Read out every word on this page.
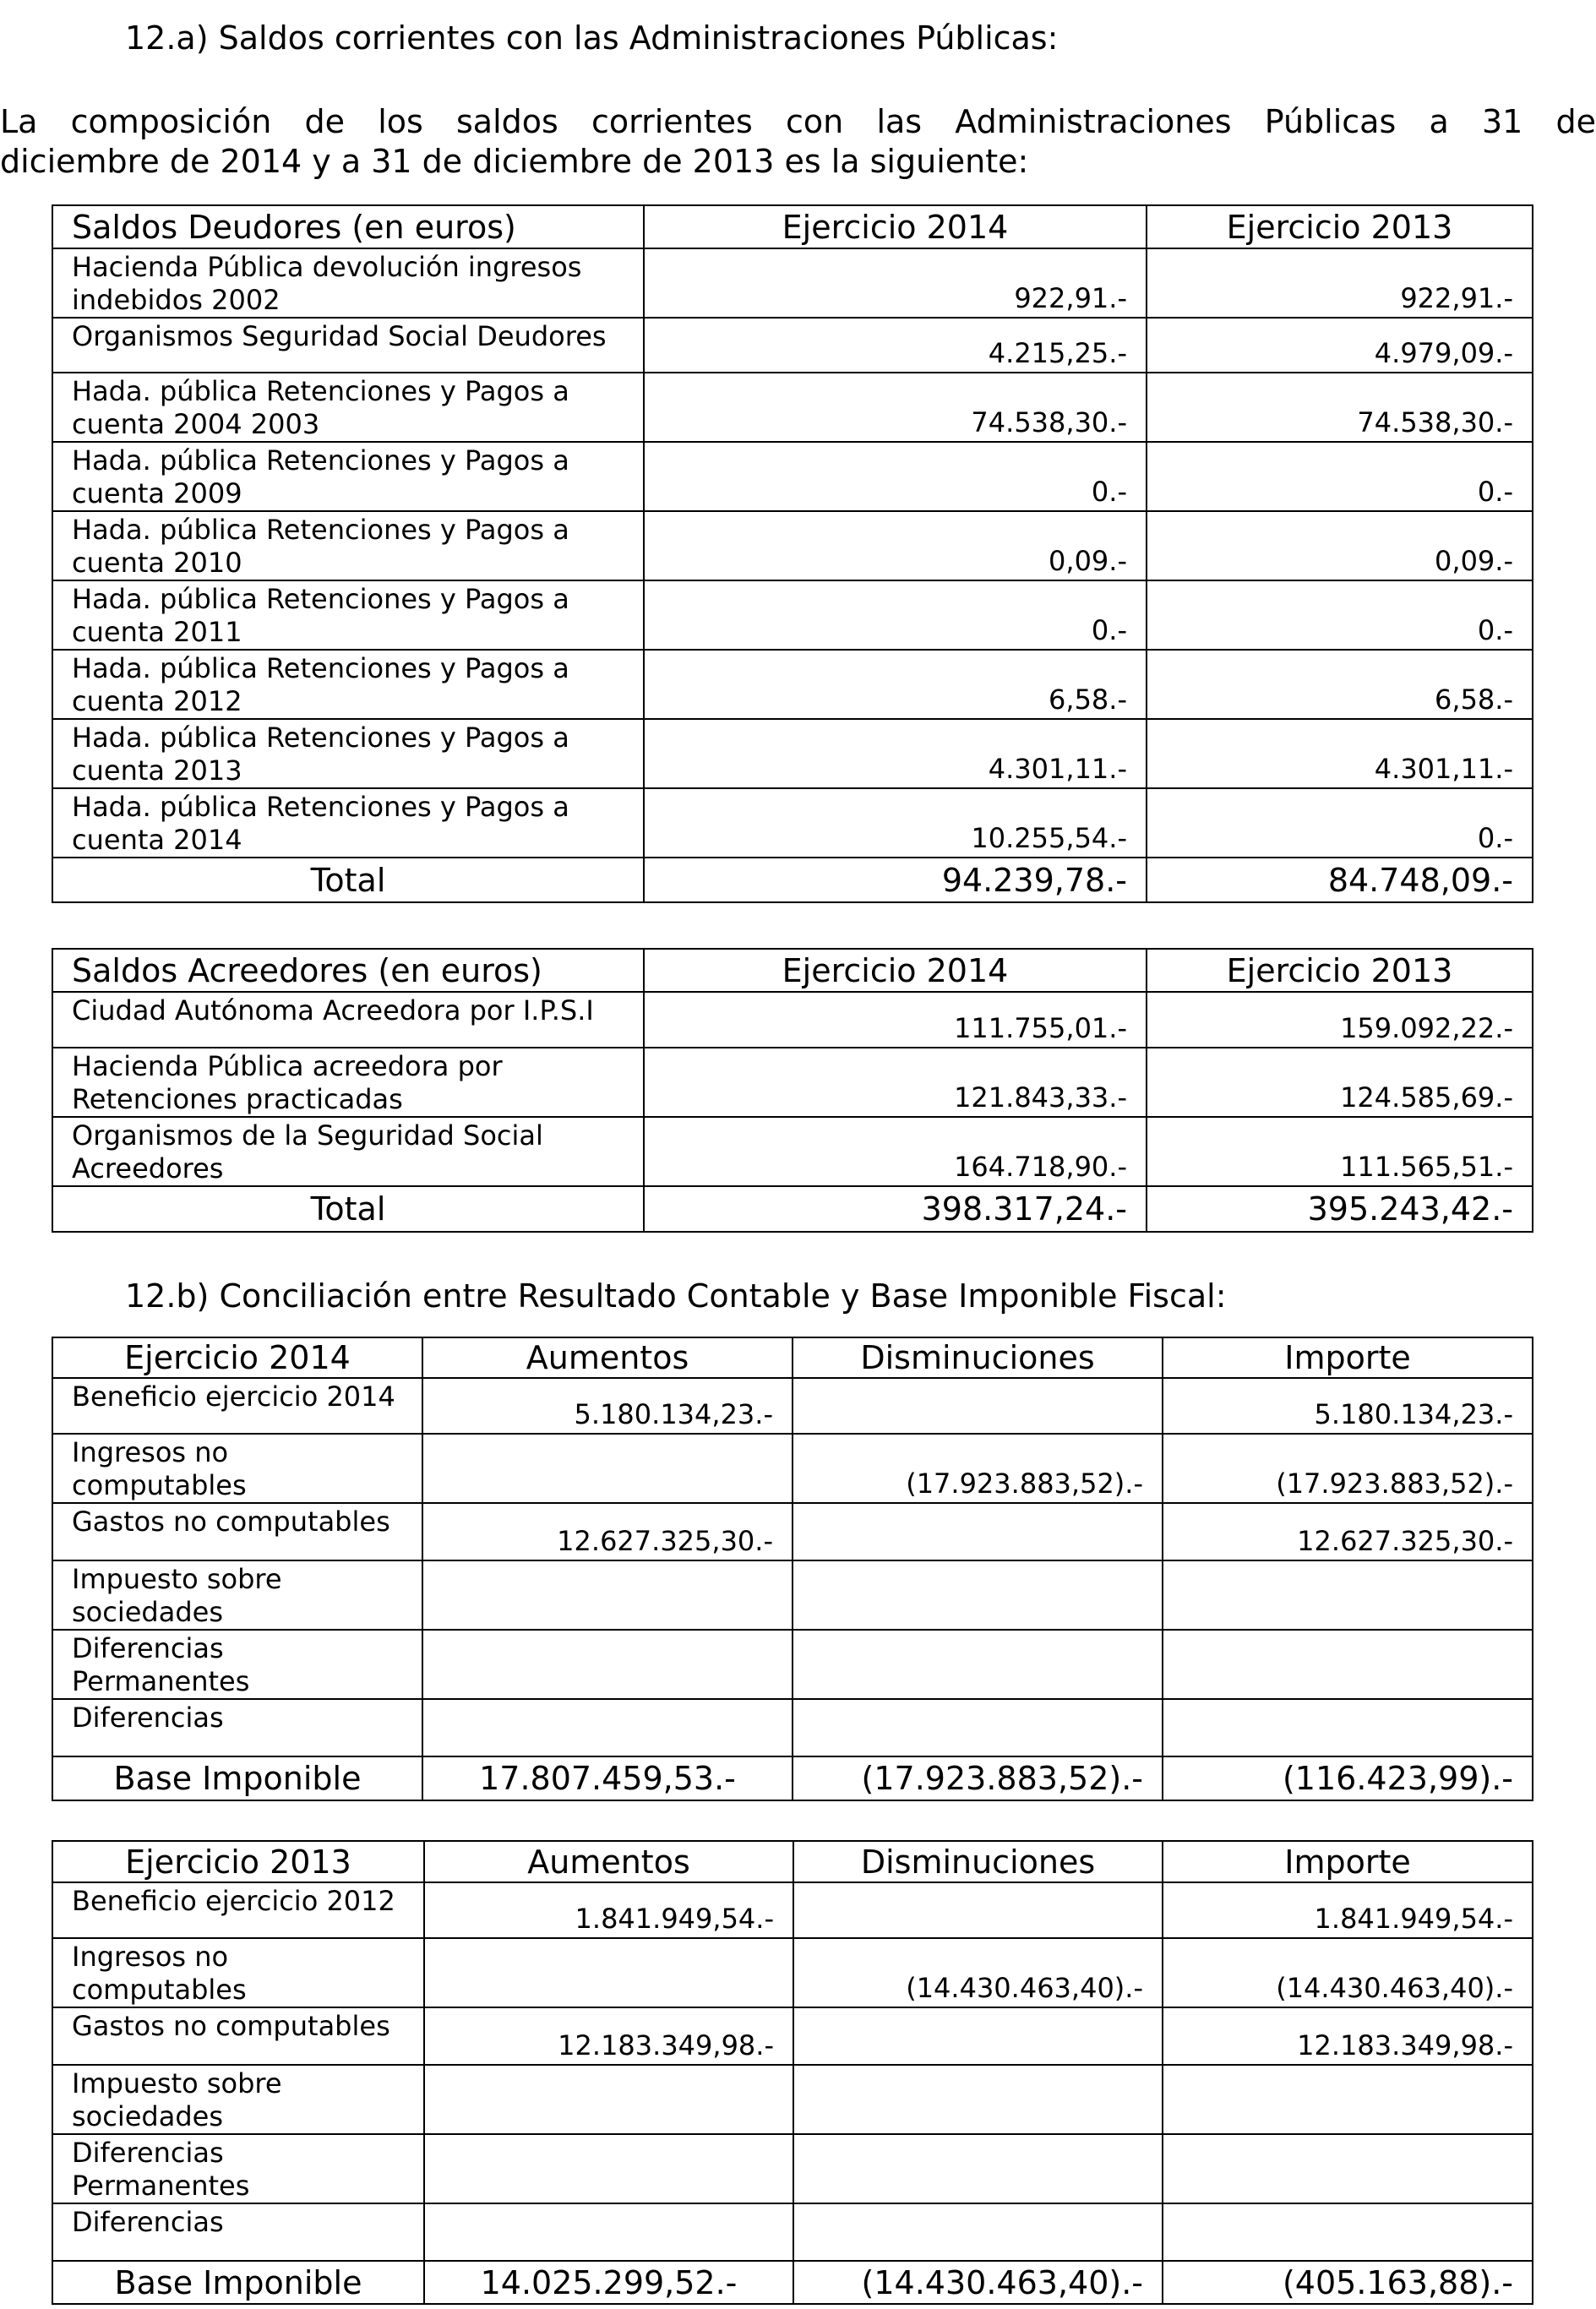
12.a) Saldos corrientes con las Administraciones Públicas:
La composición de los saldos corrientes con las Administraciones Públicas a 31 de
diciembre de 2014 y a 31 de diciembre de 2013 es la siguiente:
Saldos Deudores (en euros)	Ejercicio 2014	Ejercicio 2013
Hacienda Pública devolución ingresos indebidos 2002	922,91.-	922,91.-
Organismos Seguridad Social Deudores	4.215,25.-	4.979,09.-
Hada. pública Retenciones y Pagos a cuenta 2004 2003	74.538,30.-	74.538,30.-
Hada. pública Retenciones y Pagos a cuenta 2009	0.-	0.-
Hada. pública Retenciones y Pagos a cuenta 2010	0,09.-	0,09.-
Hada. pública Retenciones y Pagos a cuenta 2011	0.-	0.-
Hada. pública Retenciones y Pagos a cuenta 2012	6,58.-	6,58.-
Hada. pública Retenciones y Pagos a cuenta 2013	4.301,11.-	4.301,11.-
Hada. pública Retenciones y Pagos a cuenta 2014	10.255,54.-	0.-
Total	94.239,78.-	84.748,09.-
Saldos Acreedores (en euros)	Ejercicio 2014	Ejercicio 2013
Ciudad Autónoma Acreedora por I.P.S.I	111.755,01.-	159.092,22.-
Hacienda Pública acreedora por Retenciones practicadas	121.843,33.-	124.585,69.-
Organismos de la Seguridad Social Acreedores	164.718,90.-	111.565,51.-
Total	398.317,24.-	395.243,42.-
12.b) Conciliación entre Resultado Contable y Base Imponible Fiscal:
Ejercicio 2014	Aumentos	Disminuciones	Importe
Beneficio ejercicio 2014	5.180.134,23.-		5.180.134,23.-
Ingresos no computables		(17.923.883,52).-	(17.923.883,52).-
Gastos no computables	12.627.325,30.-		12.627.325,30.-
Impuesto sobre sociedades			
Diferencias Permanentes			
Diferencias			
Base Imponible	17.807.459,53.-	(17.923.883,52).-	(116.423,99).-
Ejercicio 2013	Aumentos	Disminuciones	Importe
Beneficio ejercicio 2012	1.841.949,54.-		1.841.949,54.-
Ingresos no computables		(14.430.463,40).-	(14.430.463,40).-
Gastos no computables	12.183.349,98.-		12.183.349,98.-
Impuesto sobre sociedades			
Diferencias Permanentes			
Diferencias			
Base Imponible	14.025.299,52.-	(14.430.463,40).-	(405.163,88).-
